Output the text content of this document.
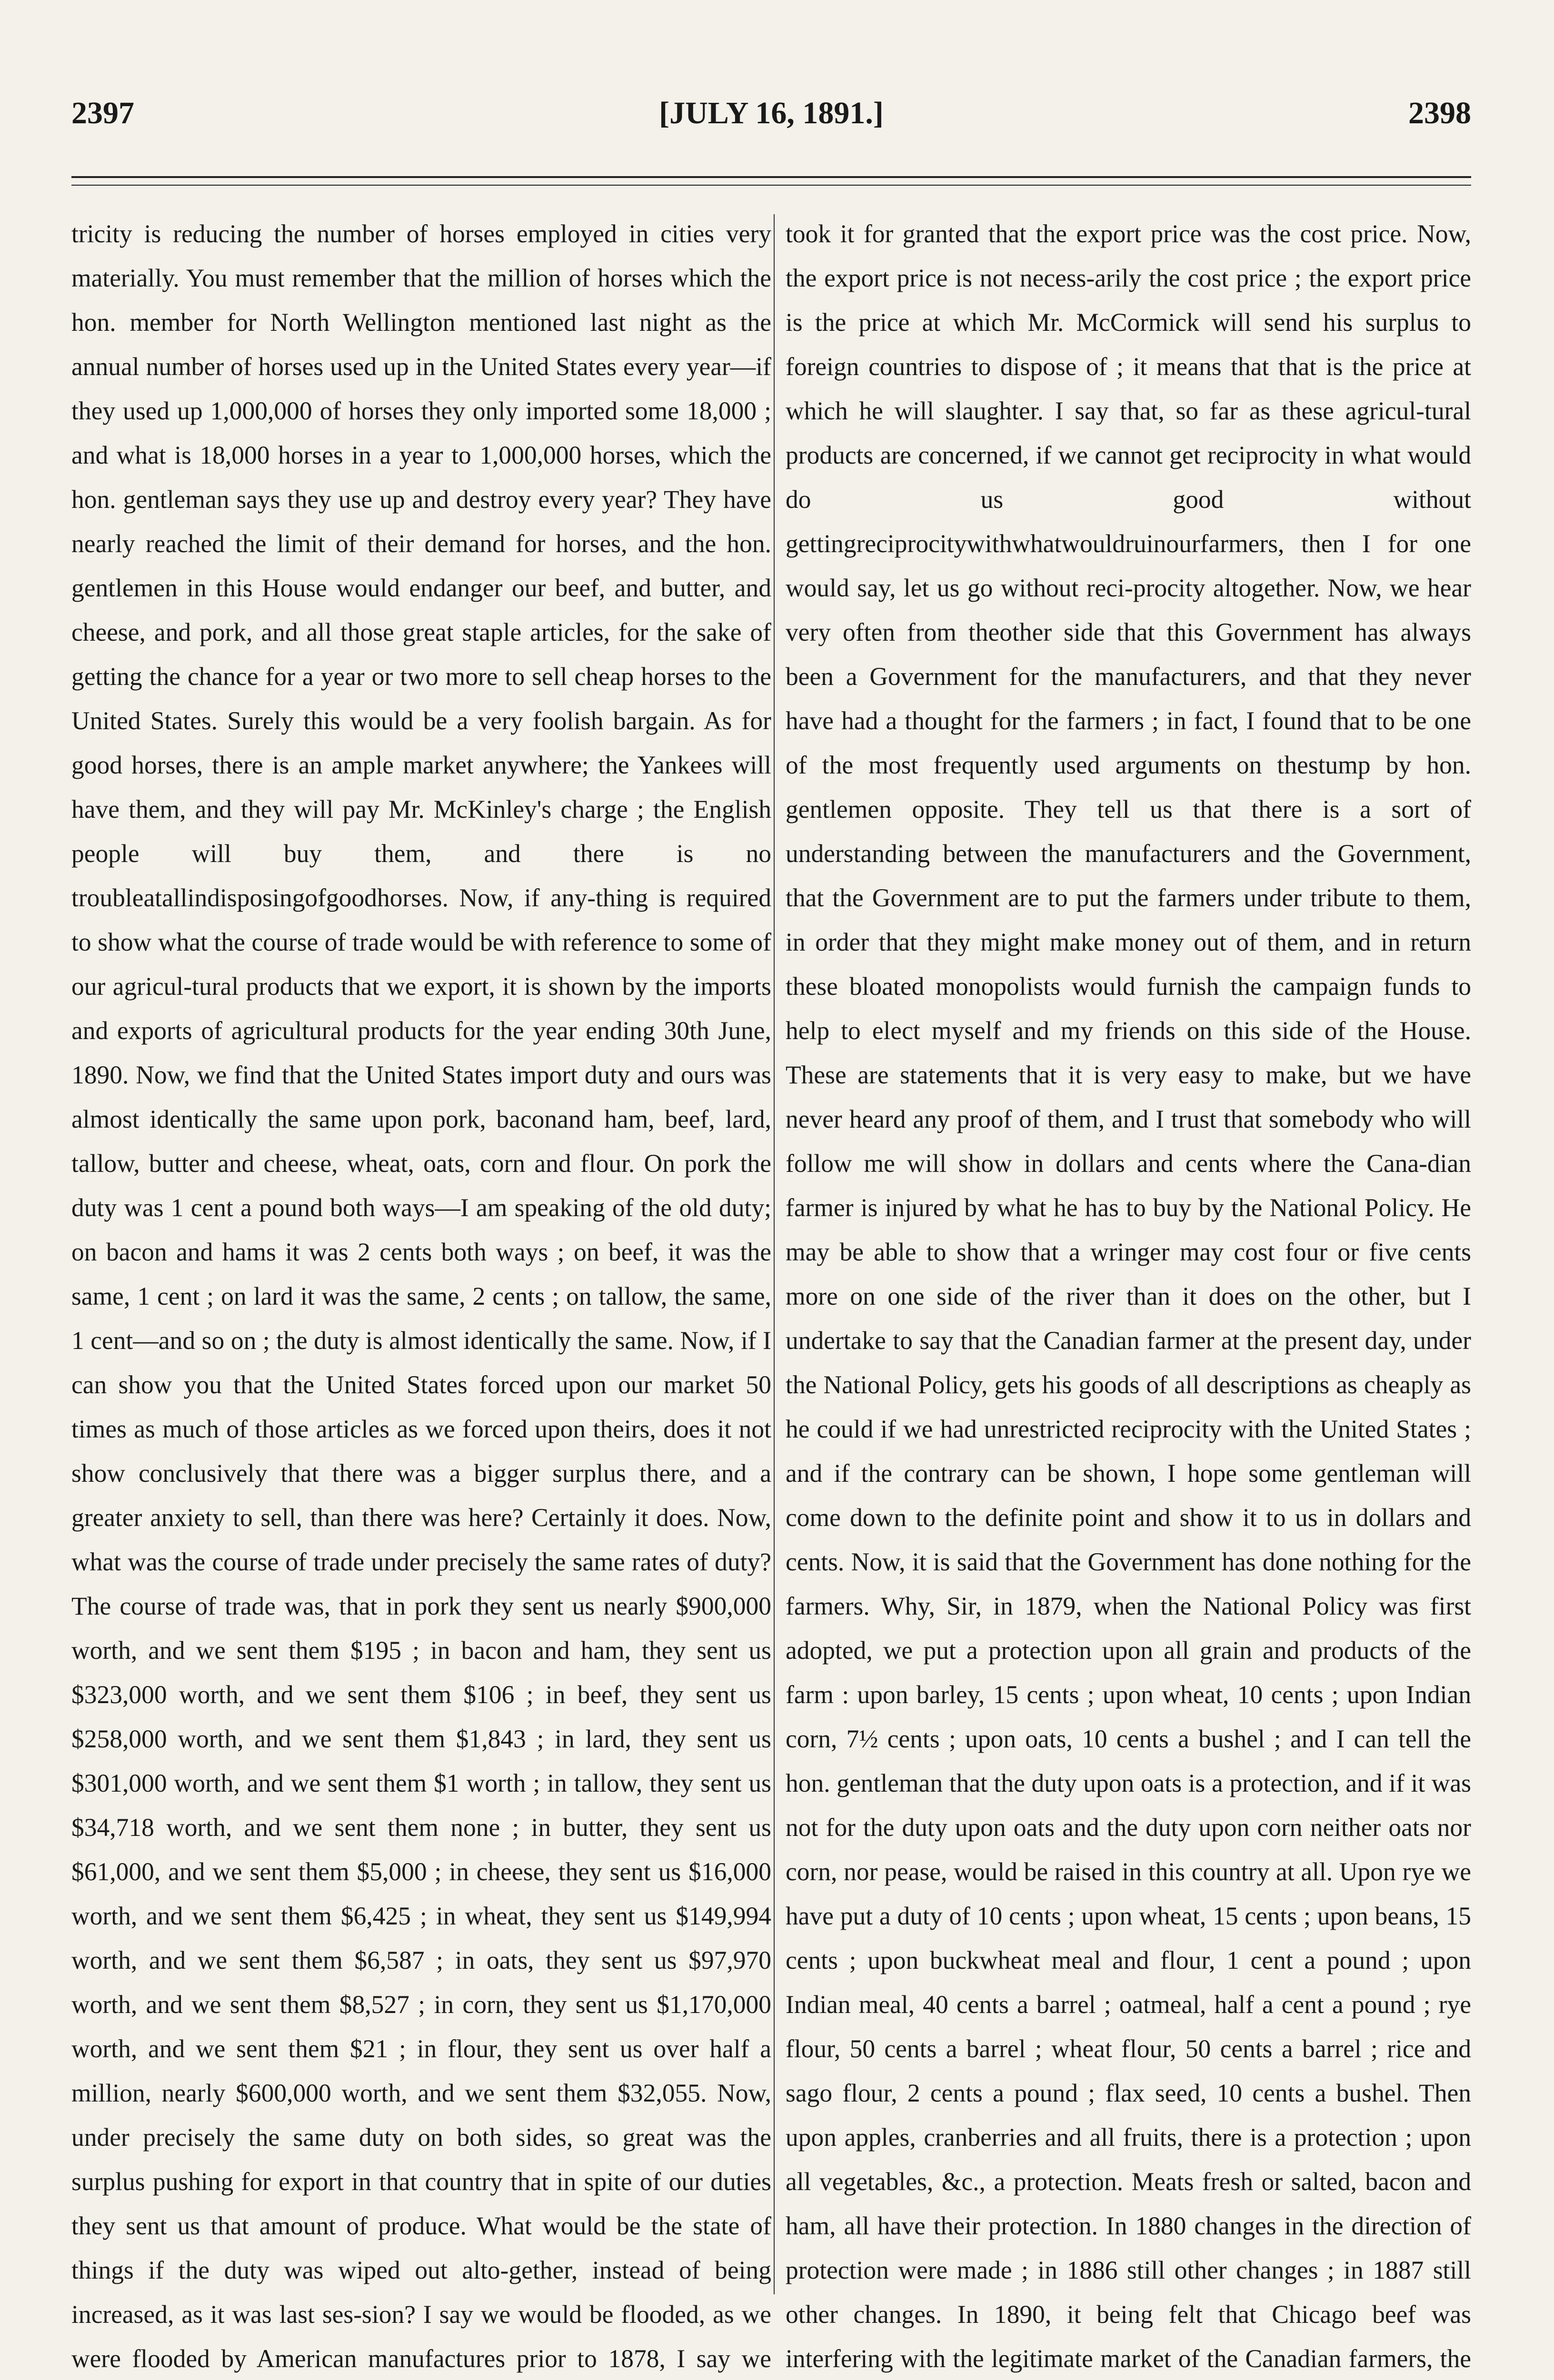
2397	[JULY 16, 1891.]	2398

tricity is reducing the number of horses employed in cities very materially. You must remember that the million of horses which the hon. member for North Wellington mentioned last night as the annual number of horses used up in the United States every year—if they used up 1,000,000 of horses they only imported some 18,000 ; and what is 18,000 horses in a year to 1,000,000 horses, which the hon. gentleman says they use up and destroy every year? They have nearly reached the limit of their demand for horses, and the hon. gentlemen in this House would endanger our beef, and butter, and cheese, and pork, and all those great staple articles, for the sake of getting the chance for a year or two more to sell cheap horses to the United States. Surely this would be a very foolish bargain. As for good horses, there is an ample market anywhere; the Yankees will have them, and they will pay Mr. McKinley's charge ; the English people will buy them, and there is no troubleatallindisposingofgoodhorses. Now, if any-thing is required to show what the course of trade would be with reference to some of our agricul-tural products that we export, it is shown by the imports and exports of agricultural products for the year ending 30th June, 1890. Now, we find that the United States import duty and ours was almost identically the same upon pork, baconand ham, beef, lard, tallow, butter and cheese, wheat, oats, corn and flour. On pork the duty was 1 cent a pound both ways—I am speaking of the old duty; on bacon and hams it was 2 cents both ways ; on beef, it was the same, 1 cent ; on lard it was the same, 2 cents ; on tallow, the same, 1 cent—and so on ; the duty is almost identically the same. Now, if I can show you that the United States forced upon our market 50 times as much of those articles as we forced upon theirs, does it not show conclusively that there was a bigger surplus there, and a greater anxiety to sell, than there was here? Certainly it does. Now, what was the course of trade under precisely the same rates of duty? The course of trade was, that in pork they sent us nearly $900,000 worth, and we sent them $195 ; in bacon and ham, they sent us $323,000 worth, and we sent them $106 ; in beef, they sent us $258,000 worth, and we sent them $1,843 ; in lard, they sent us $301,000 worth, and we sent them $1 worth ; in tallow, they sent us $34,718 worth, and we sent them none ; in butter, they sent us $61,000, and we sent them $5,000 ; in cheese, they sent us $16,000 worth, and we sent them $6,425 ; in wheat, they sent us $149,994 worth, and we sent them $6,587 ; in oats, they sent us $97,970 worth, and we sent them $8,527 ; in corn, they sent us $1,170,000 worth, and we sent them $21 ; in flour, they sent us over half a million, nearly $600,000 worth, and we sent them $32,055. Now, under precisely the same duty on both sides, so great was the surplus pushing for export in that country that in spite of our duties they sent us that amount of produce. What would be the state of things if the duty was wiped out alto-gether, instead of being increased, as it was last ses-sion? I say we would be flooded, as we were flooded by American manufactures prior to 1878, I say we

took it for granted that the export price was the cost price. Now, the export price is not necess-arily the cost price ; the export price is the price at which Mr. McCormick will send his surplus to foreign countries to dispose of ; it means that that is the price at which he will slaughter. I say that, so far as these agricul-tural products are concerned, if we cannot get reciprocity in what would do us good without gettingreciprocitywithwhatwouldruinourfarmers, then I for one would say, let us go without reci-procity altogether. Now, we hear very often from theother side that this Government has always been a Government for the manufacturers, and that they never have had a thought for the farmers ; in fact, I found that to be one of the most frequently used arguments on thestump by hon. gentlemen opposite. They tell us that there is a sort of understanding between the manufacturers and the Government, that the Government are to put the farmers under tribute to them, in order that they might make money out of them, and in return these bloated monopolists would furnish the campaign funds to help to elect myself and my friends on this side of the House. These are statements that it is very easy to make, but we have never heard any proof of them, and I trust that somebody who will follow me will show in dollars and cents where the Cana-dian farmer is injured by what he has to buy by the National Policy. He may be able to show that a wringer may cost four or five cents more on one side of the river than it does on the other, but I undertake to say that the Canadian farmer at the present day, under the National Policy, gets his goods of all descriptions as cheaply as he could if we had unrestricted reciprocity with the United States ; and if the contrary can be shown, I hope some gentleman will come down to the definite point and show it to us in dollars and cents. Now, it is said that the Government has done nothing for the farmers. Why, Sir, in 1879, when the National Policy was first adopted, we put a protection upon all grain and products of the farm : upon barley, 15 cents ; upon wheat, 10 cents ; upon Indian corn, 7½ cents ; upon oats, 10 cents a bushel ; and I can tell the hon. gentleman that the duty upon oats is a protection, and if it was not for the duty upon oats and the duty upon corn neither oats nor corn, nor pease, would be raised in this country at all. Upon rye we have put a duty of 10 cents ; upon wheat, 15 cents ; upon beans, 15 cents ; upon buckwheat meal and flour, 1 cent a pound ; upon Indian meal, 40 cents a barrel ; oatmeal, half a cent a pound ; rye flour, 50 cents a barrel ; wheat flour, 50 cents a barrel ; rice and sago flour, 2 cents a pound ; flax seed, 10 cents a bushel. Then upon apples, cranberries and all fruits, there is a protection ; upon all vegetables, &c., a protection. Meats fresh or salted, bacon and ham, all have their protection. In 1880 changes in the direction of protection were made ; in 1886 still other changes ; in 1887 still other changes. In 1890, it being felt that Chicago beef was interfering with the legitimate market of the Canadian farmers, the
